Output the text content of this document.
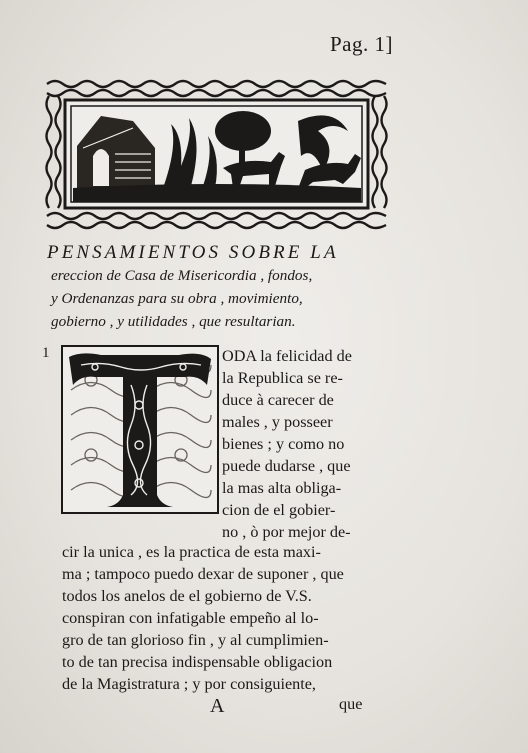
Pag. 1]
PENSAMIENTOS SOBRE LA
ereccion de Casa de Misericordia , fondos,
y Ordenanzas para su obra , movimiento,
gobierno , y utilidades , que resultarian.
1	ODA la felicidad de
la Republica se re-
duce à carecer de
males , y posseer
bienes ; y como no
puede dudarse , que
la mas alta obliga-
cion de el gobier-
no , ò por mejor de-
cir la unica , es la practica de esta maxi-
ma ; tampoco puedo dexar de suponer , que
todos los anelos de el gobierno de V.S.
conspiran con infatigable empeño al lo-
gro de tan glorioso fin , y al cumplimien-
to de tan precisa indispensable obligacion
de la Magistratura ; y por consiguiente,
A	que
